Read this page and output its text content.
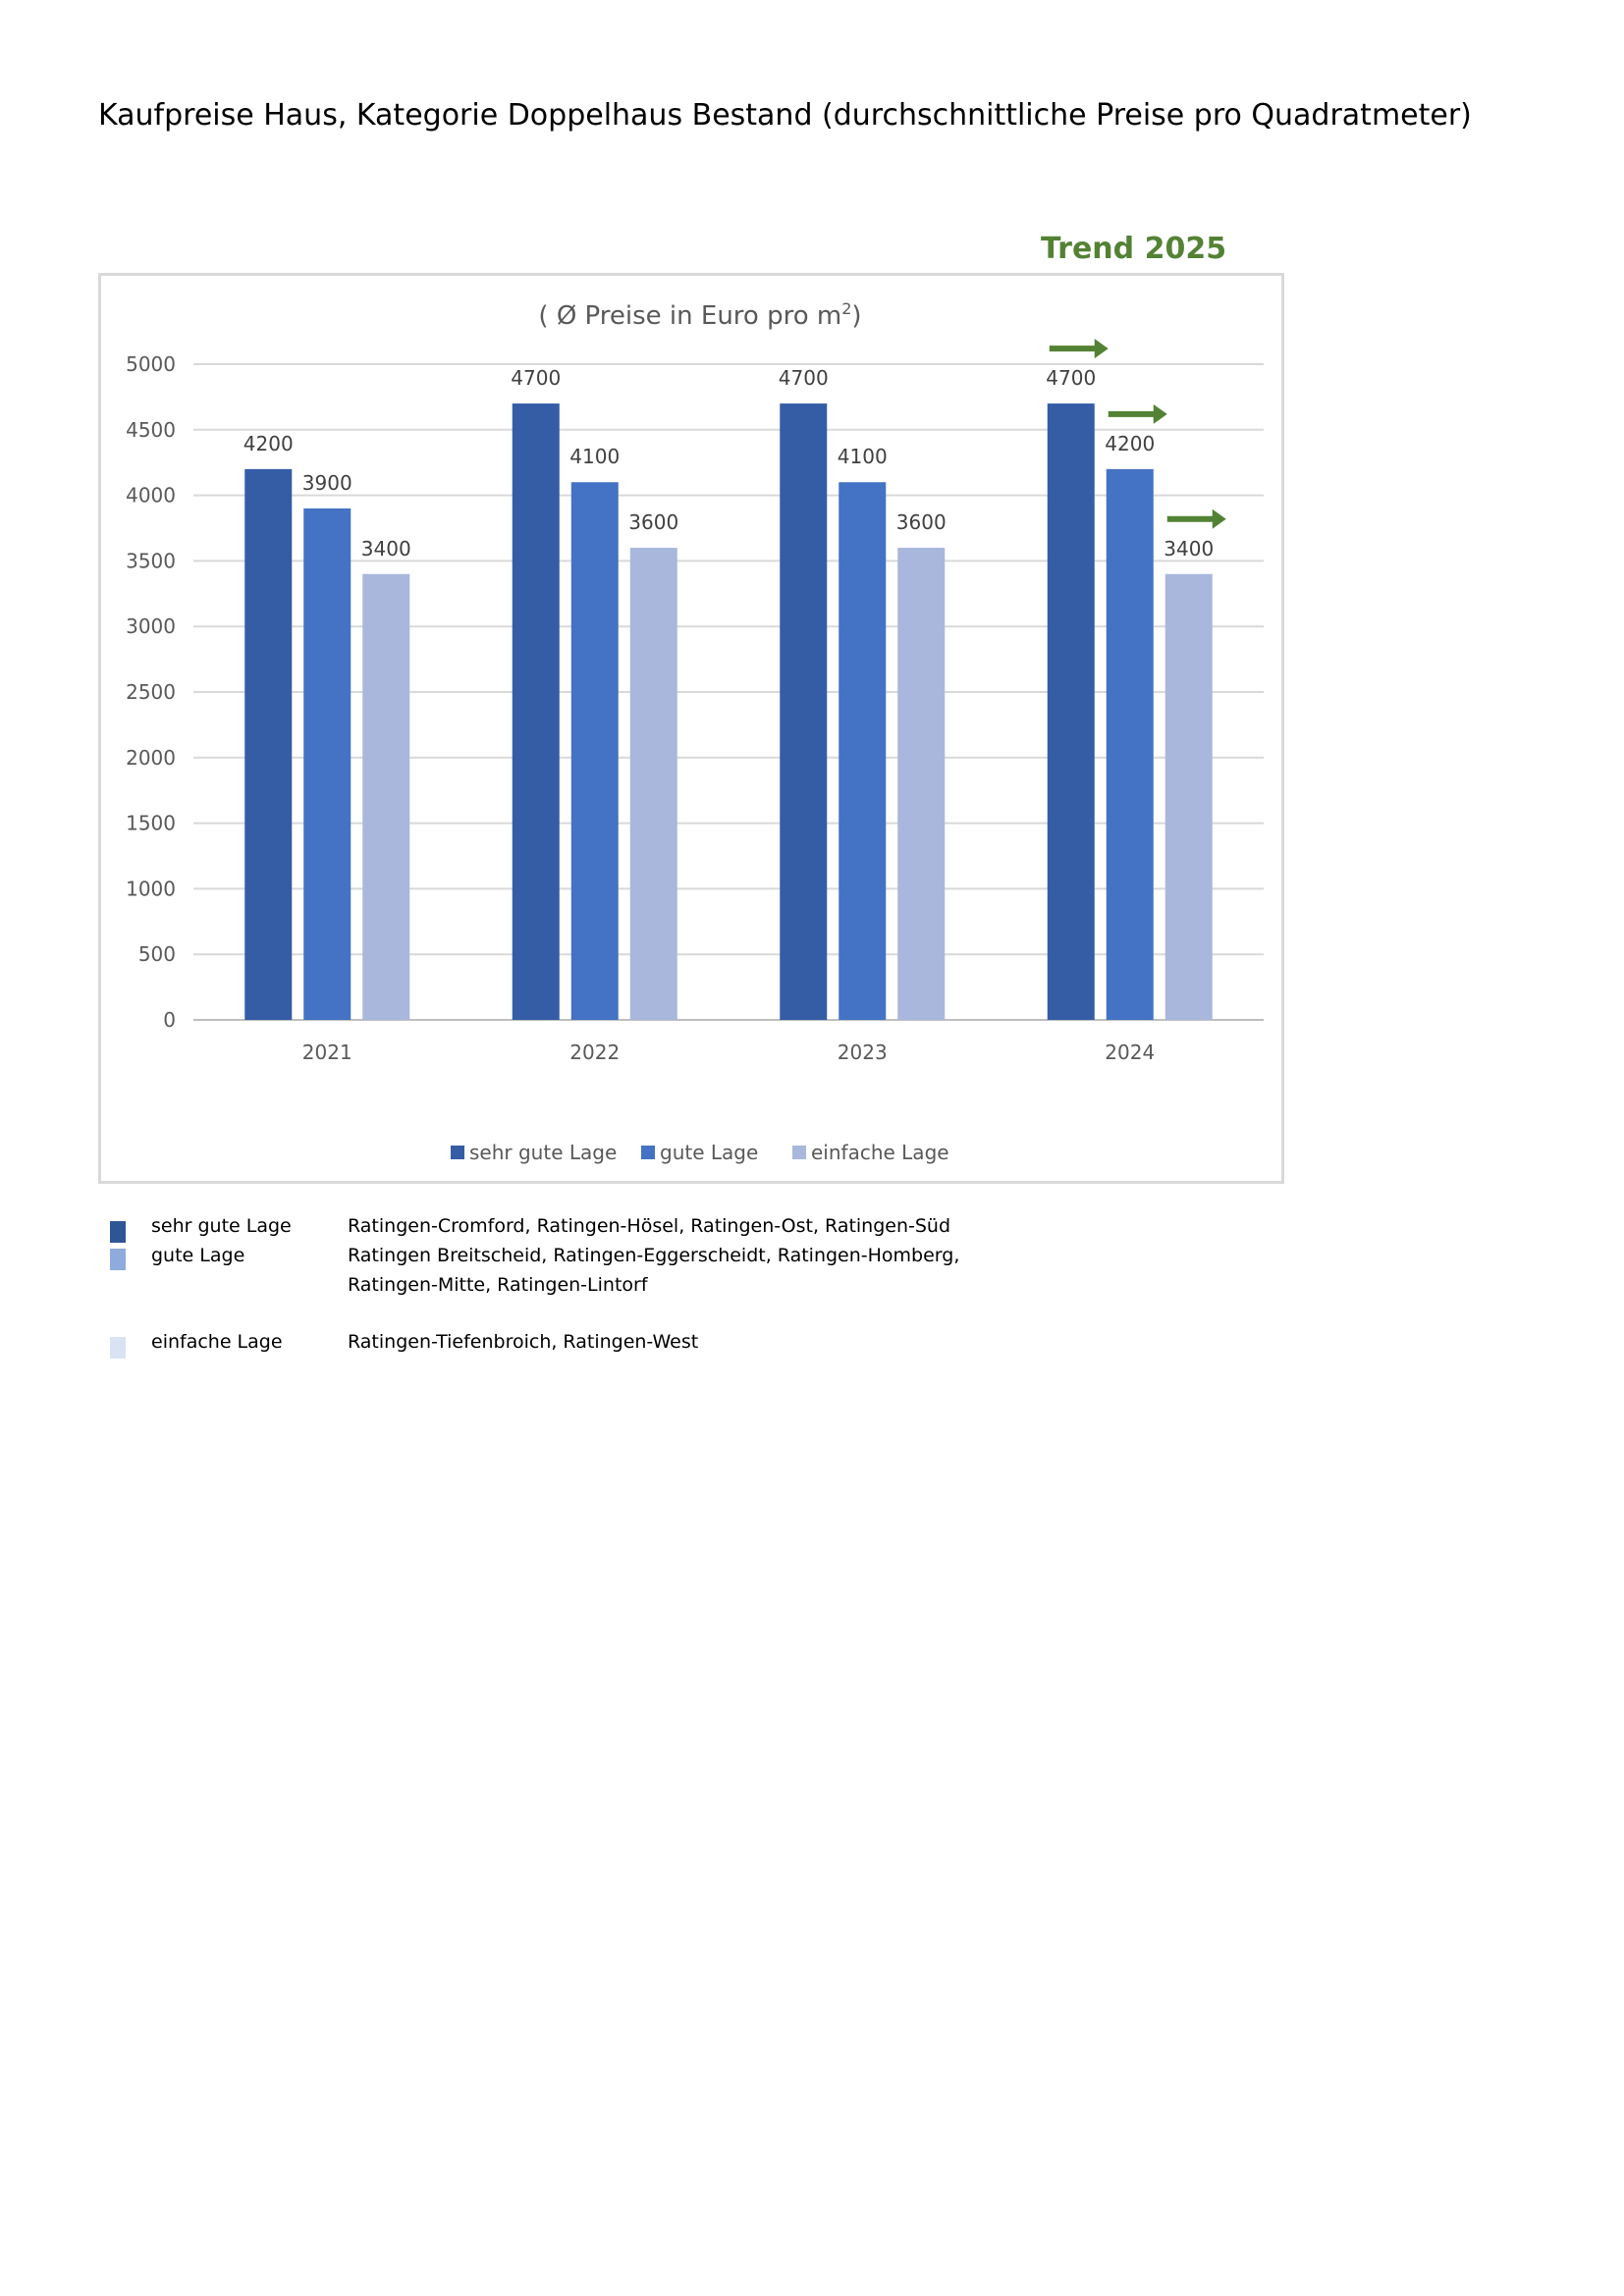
Kaufpreise Haus, Kategorie Doppelhaus Bestand (durchschnittliche Preise pro Quadratmeter)
Trend 2025
( Ø Preise in Euro pro $m^2$)
0
500
1000
1500
2000
2500
3000
3500
4000
4500
5000
4200
3900
3400
4700
4100
3600
4700
4100
3600
4700
4200
3400
2021	2022	2023	2024
sehr gute Lage gute Lage	einfache Lage
sehr gute Lage	Ratingen-Cromford, Ratingen-Hösel, Ratingen-Ost, Ratingen-Süd
gute Lage	Ratingen Breitscheid, Ratingen-Eggerscheidt, Ratingen-Homberg,
Ratingen-Mitte, Ratingen-Lintorf
einfache Lage	Ratingen-Tiefenbroich, Ratingen-West
